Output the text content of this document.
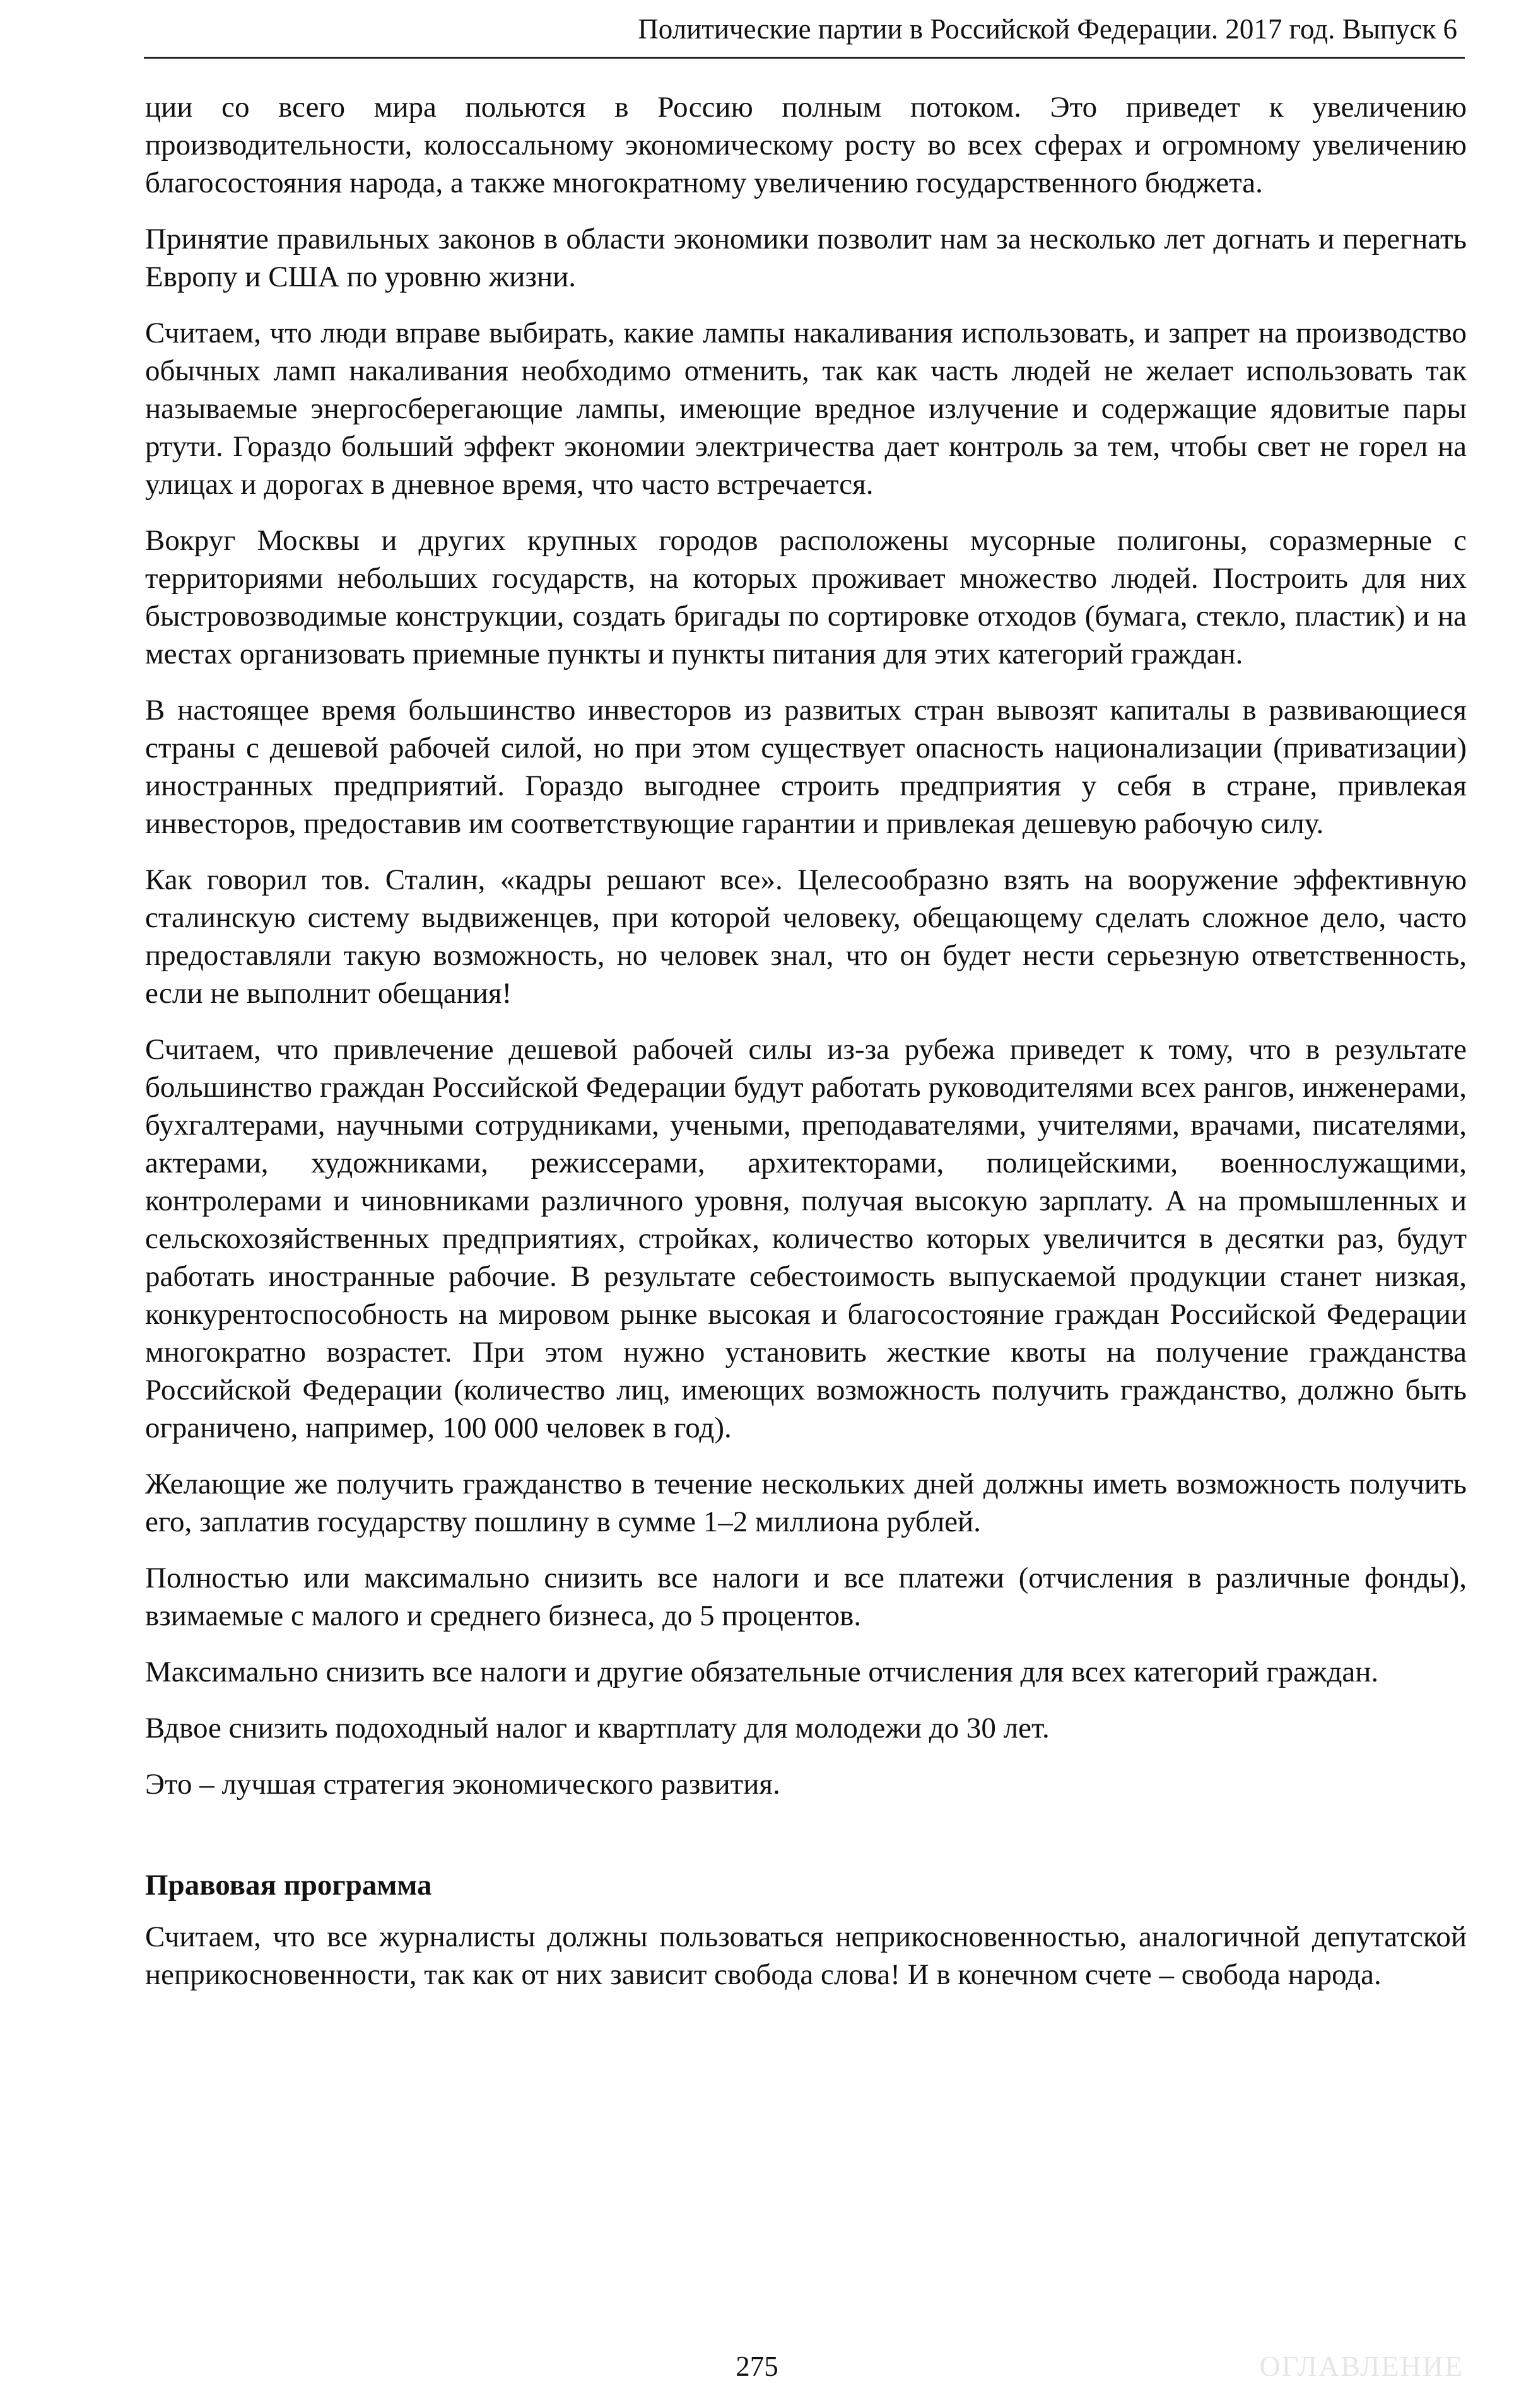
Политические партии в Российской Федерации. 2017 год. Выпуск 6

ции со всего мира польются в Россию полным потоком. Это приведет к увеличению производительности, колоссальному экономическому росту во всех сферах и огромному увеличению благосостояния народа, а также многократному увеличению государственного бюджета.

Принятие правильных законов в области экономики позволит нам за несколько лет догнать и перегнать Европу и США по уровню жизни.

Считаем, что люди вправе выбирать, какие лампы накаливания использовать, и запрет на производство обычных ламп накаливания необходимо отменить, так как часть людей не желает использовать так называемые энергосберегающие лампы, имеющие вредное излучение и содержащие ядовитые пары ртути. Гораздо больший эффект экономии электричества дает контроль за тем, чтобы свет не горел на улицах и дорогах в дневное время, что часто встречается.

Вокруг Москвы и других крупных городов расположены мусорные полигоны, соразмерные с территориями небольших государств, на которых проживает множество людей. Построить для них быстровозводимые конструкции, создать бригады по сортировке отходов (бумага, стекло, пластик) и на местах организовать приемные пункты и пункты питания для этих категорий граждан.

В настоящее время большинство инвесторов из развитых стран вывозят капиталы в развивающиеся страны с дешевой рабочей силой, но при этом существует опасность национализации (приватизации) иностранных предприятий. Гораздо выгоднее строить предприятия у себя в стране, привлекая инвесторов, предоставив им соответствующие гарантии и привлекая дешевую рабочую силу.

Как говорил тов. Сталин, «кадры решают все». Целесообразно взять на вооружение эффективную сталинскую систему выдвиженцев, при которой человеку, обещающему сделать сложное дело, часто предоставляли такую возможность, но человек знал, что он будет нести серьезную ответственность, если не выполнит обещания!

Считаем, что привлечение дешевой рабочей силы из-за рубежа приведет к тому, что в результате большинство граждан Российской Федерации будут работать руководителями всех рангов, инженерами, бухгалтерами, научными сотрудниками, учеными, преподавателями, учителями, врачами, писателями, актерами, художниками, режиссерами, архитекторами, полицейскими, военнослужащими, контролерами и чиновниками различного уровня, получая высокую зарплату. А на промышленных и сельскохозяйственных предприятиях, стройках, количество которых увеличится в десятки раз, будут работать иностранные рабочие. В результате себестоимость выпускаемой продукции станет низкая, конкурентоспособность на мировом рынке высокая и благосостояние граждан Российской Федерации многократно возрастет. При этом нужно установить жесткие квоты на получение гражданства Российской Федерации (количество лиц, имеющих возможность получить гражданство, должно быть ограничено, например, 100 000 человек в год).

Желающие же получить гражданство в течение нескольких дней должны иметь возможность получить его, заплатив государству пошлину в сумме 1–2 миллиона рублей.

Полностью или максимально снизить все налоги и все платежи (отчисления в различные фонды), взимаемые с малого и среднего бизнеса, до 5 процентов.

Максимально снизить все налоги и другие обязательные отчисления для всех категорий граждан.

Вдвое снизить подоходный налог и квартплату для молодежи до 30 лет.

Это – лучшая стратегия экономического развития.

Правовая программа

Считаем, что все журналисты должны пользоваться неприкосновенностью, аналогичной депутатской неприкосновенности, так как от них зависит свобода слова! И в конечном счете – свобода народа.

275	ОГЛАВЛЕНИЕ
